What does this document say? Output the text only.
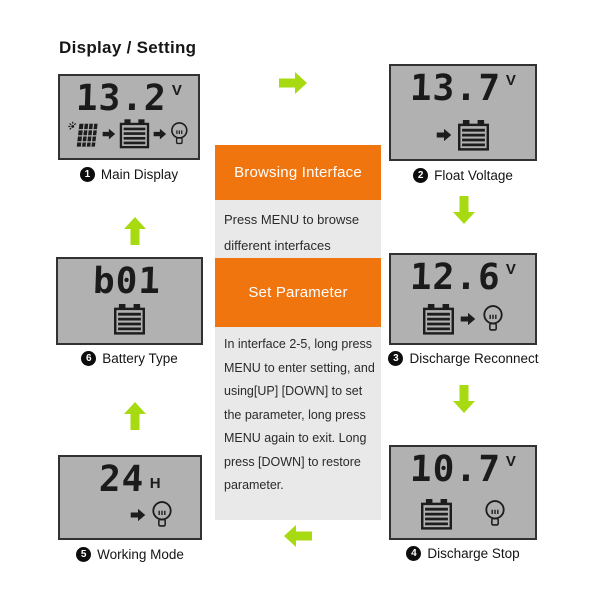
Display / Setting
13.2 V
1 Main Display
13.7 V
2 Float Voltage
12.6 V
3 Discharge Reconnect
10.7 V
4 Discharge Stop
24 H
5 Working Mode
b01
6 Battery Type
Browsing Interface
Press MENU to browse
different interfaces
Set Parameter
In interface 2-5, long press
MENU to enter setting, and
using[UP] [DOWN] to set
the parameter, long press
MENU again to exit. Long
press [DOWN] to restore
parameter.
